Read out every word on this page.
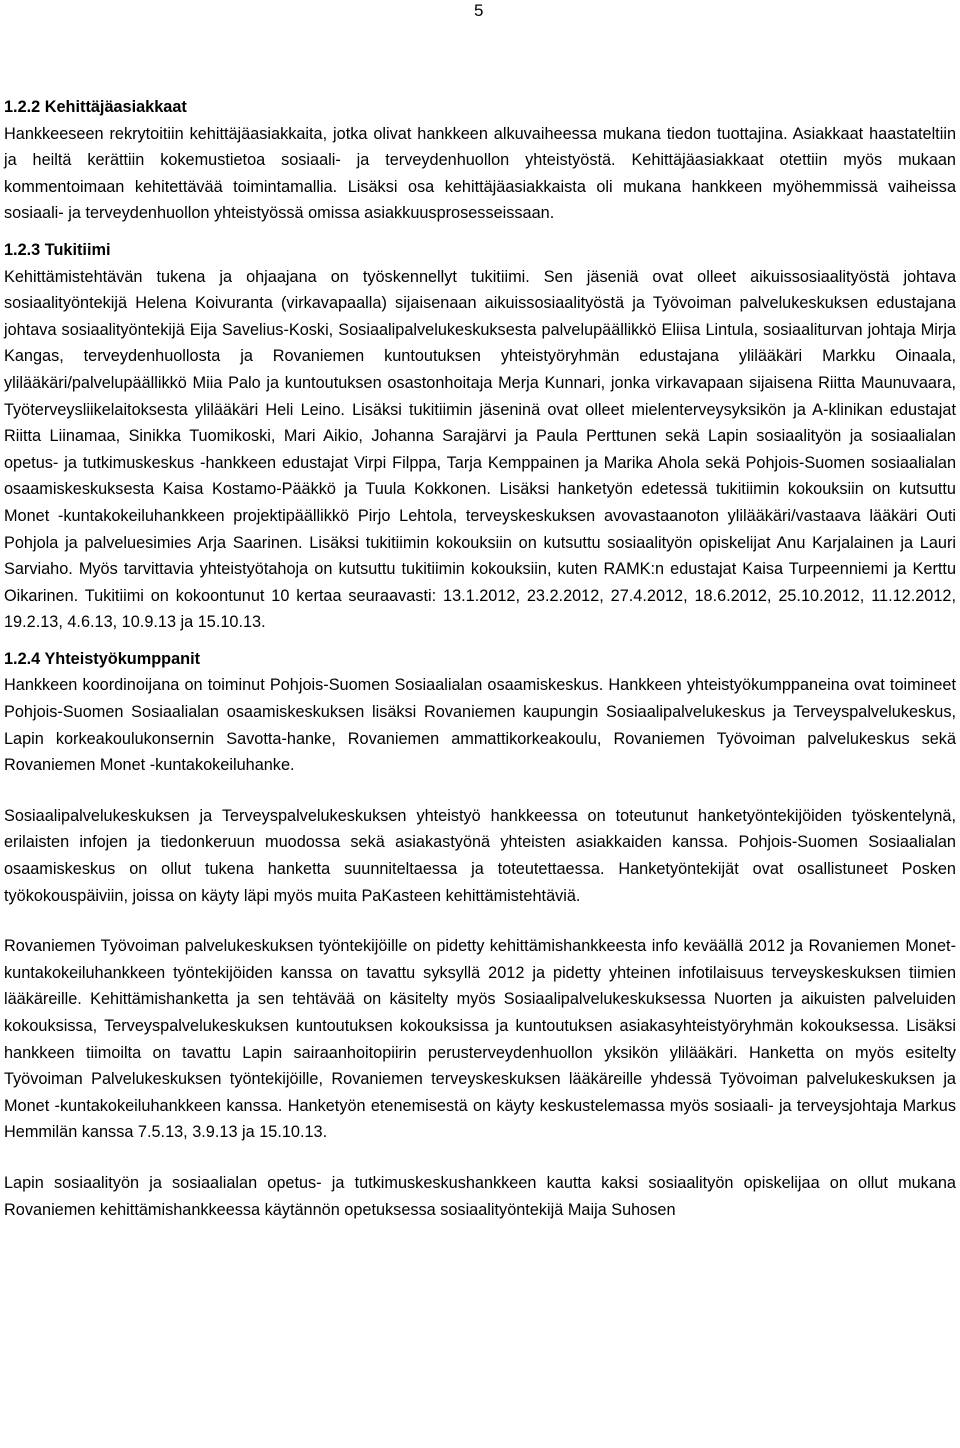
5
1.2.2 Kehittäjäasiakkaat

Hankkeeseen rekrytoitiin kehittäjäasiakkaita, jotka olivat hankkeen alkuvaiheessa mukana tiedon tuottajina. Asiakkaat haastateltiin ja heiltä kerättiin kokemustietoa sosiaali- ja terveydenhuollon yhteistyöstä. Kehittäjäasiakkaat otettiin myös mukaan kommentoimaan kehitettävää toimintamallia. Lisäksi osa kehittäjäasiakkaista oli mukana hankkeen myöhemmissä vaiheissa sosiaali- ja terveydenhuollon yhteistyössä omissa asiakkuusprosesseissaan.

1.2.3 Tukitiimi

Kehittämistehtävän tukena ja ohjaajana on työskennellyt tukitiimi. Sen jäseniä ovat olleet aikuissosiaalityöstä johtava sosiaalityöntekijä Helena Koivuranta (virkavapaalla) sijaisenaan aikuissosiaalityöstä ja Työvoiman palvelukeskuksen edustajana johtava sosiaalityöntekijä Eija Savelius-Koski, Sosiaalipalvelukeskuksesta palvelupäällikkö Eliisa Lintula, sosiaaliturvan johtaja Mirja Kangas, terveydenhuollosta ja Rovaniemen kuntoutuksen yhteistyöryhmän edustajana ylilääkäri Markku Oinaala, ylilääkäri/palvelupäällikkö Miia Palo ja kuntoutuksen osastonhoitaja Merja Kunnari, jonka virkavapaan sijaisena Riitta Maunuvaara, Työterveysliikelaitoksesta ylilääkäri Heli Leino. Lisäksi tukitiimin jäseninä ovat olleet mielenterveysyksikön ja A-klinikan edustajat Riitta Liinamaa, Sinikka Tuomikoski, Mari Aikio, Johanna Sarajärvi ja Paula Perttunen sekä Lapin sosiaalityön ja sosiaalialan opetus- ja tutkimuskeskus -hankkeen edustajat Virpi Filppa, Tarja Kemppainen ja Marika Ahola sekä Pohjois-Suomen sosiaalialan osaamiskeskuksesta Kaisa Kostamo-Pääkkö ja Tuula Kokkonen. Lisäksi hanketyön edetessä tukitiimin kokouksiin on kutsuttu Monet -kuntakokeiluhankkeen projektipäällikkö Pirjo Lehtola, terveyskeskuksen avovastaanoton ylilääkäri/vastaava lääkäri Outi Pohjola ja palveluesimies Arja Saarinen. Lisäksi tukitiimin kokouksiin on kutsuttu sosiaalityön opiskelijat Anu Karjalainen ja Lauri Sarviaho. Myös tarvittavia yhteistyötahoja on kutsuttu tukitiimin kokouksiin, kuten RAMK:n edustajat Kaisa Turpeenniemi ja Kerttu Oikarinen. Tukitiimi on kokoontunut 10 kertaa seuraavasti: 13.1.2012, 23.2.2012, 27.4.2012, 18.6.2012, 25.10.2012, 11.12.2012, 19.2.13, 4.6.13, 10.9.13 ja 15.10.13.

1.2.4 Yhteistyökumppanit

Hankkeen koordinoijana on toiminut Pohjois-Suomen Sosiaalialan osaamiskeskus. Hankkeen yhteistyökumppaneina ovat toimineet Pohjois-Suomen Sosiaalialan osaamiskeskuksen lisäksi Rovaniemen kaupungin Sosiaalipalvelukeskus ja Terveyspalvelukeskus, Lapin korkeakoulukonsernin Savotta-hanke, Rovaniemen ammattikorkeakoulu, Rovaniemen Työvoiman palvelukeskus sekä Rovaniemen Monet -kuntakokeiluhanke.

Sosiaalipalvelukeskuksen ja Terveyspalvelukeskuksen yhteistyö hankkeessa on toteutunut hanketyöntekijöiden työskentelynä, erilaisten infojen ja tiedonkeruun muodossa sekä asiakastyönä yhteisten asiakkaiden kanssa. Pohjois-Suomen Sosiaalialan osaamiskeskus on ollut tukena hanketta suunniteltaessa ja toteutettaessa. Hanketyöntekijät ovat osallistuneet Posken työkokouspäiviin, joissa on käyty läpi myös muita PaKasteen kehittämistehtäviä.

Rovaniemen Työvoiman palvelukeskuksen työntekijöille on pidetty kehittämishankkeesta info keväällä 2012 ja Rovaniemen Monet-kuntakokeiluhankkeen työntekijöiden kanssa on tavattu syksyllä 2012 ja pidetty yhteinen infotilaisuus terveyskeskuksen tiimien lääkäreille. Kehittämishanketta ja sen tehtävää on käsitelty myös Sosiaalipalvelukeskuksessa Nuorten ja aikuisten palveluiden kokouksissa, Terveyspalvelukeskuksen kuntoutuksen kokouksissa ja kuntoutuksen asiakasyhteistyöryhmän kokouksessa. Lisäksi hankkeen tiimoilta on tavattu Lapin sairaanhoitopiirin perusterveydenhuollon yksikön ylilääkäri. Hanketta on myös esitelty Työvoiman Palvelukeskuksen työntekijöille, Rovaniemen terveyskeskuksen lääkäreille yhdessä Työvoiman palvelukeskuksen ja Monet -kuntakokeiluhankkeen kanssa. Hanketyön etenemisestä on käyty keskustelemassa myös sosiaali- ja terveysjohtaja Markus Hemmilän kanssa 7.5.13, 3.9.13 ja 15.10.13.

Lapin sosiaalityön ja sosiaalialan opetus- ja tutkimuskeskushankkeen kautta kaksi sosiaalityön opiskelijaa on ollut mukana Rovaniemen kehittämishankkeessa käytännön opetuksessa sosiaalityöntekijä Maija Suhosen
